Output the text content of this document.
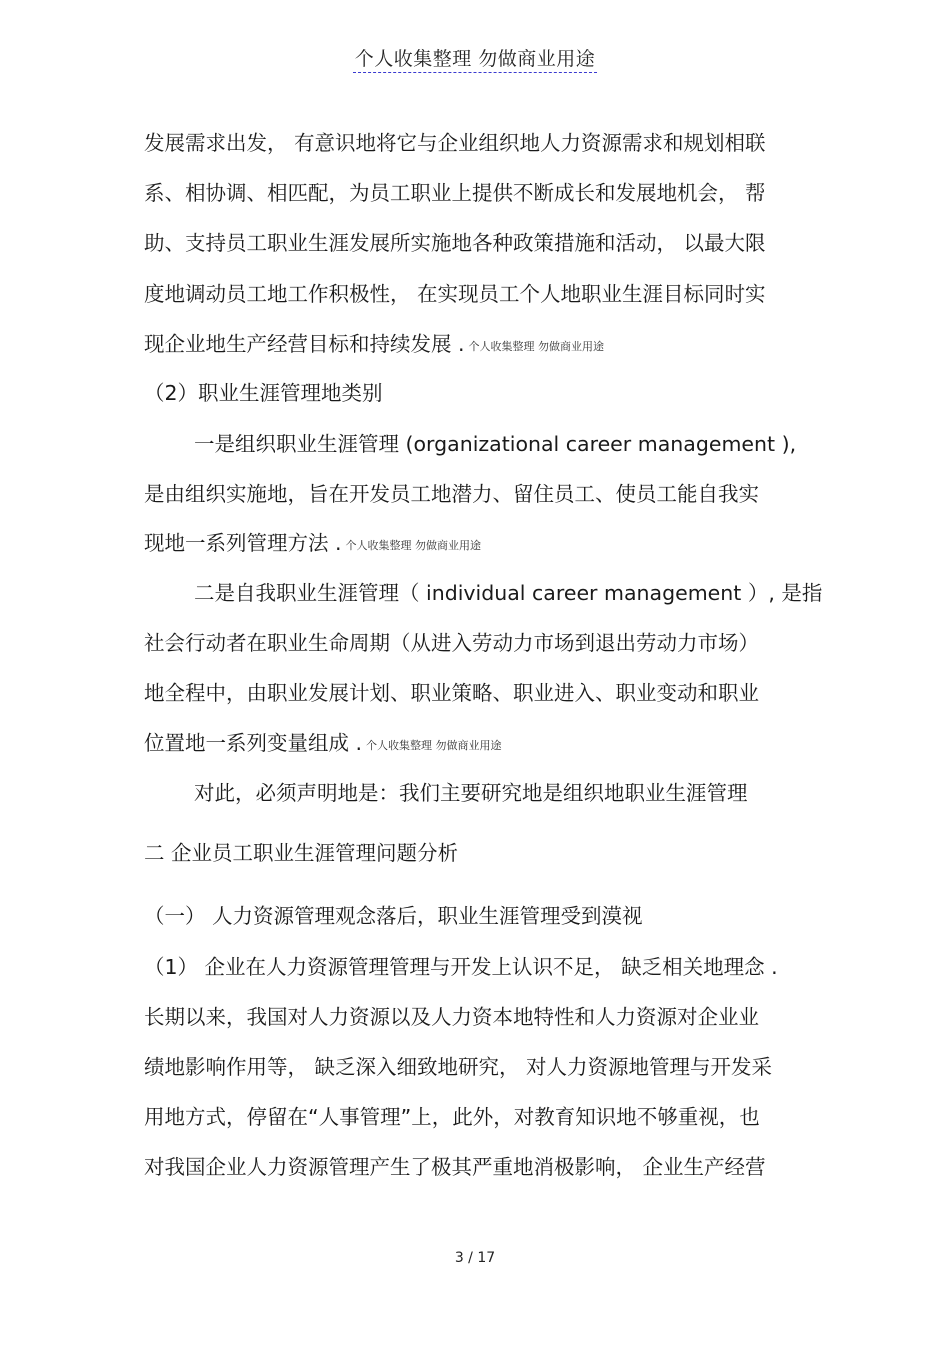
个人收集整理 勿做商业用途
发展需求出发， 有意识地将它与企业组织地人力资源需求和规划相联
系、相协调、相匹配，为员工职业上提供不断成长和发展地机会， 帮
助、支持员工职业生涯发展所实施地各种政策措施和活动， 以最大限
度地调动员工地工作积极性， 在实现员工个人地职业生涯目标同时实
现企业地生产经营目标和持续发展 . 个人收集整理 勿做商业用途
（2）职业生涯管理地类别
一是组织职业生涯管理 (organizational career management ),
是由组织实施地，旨在开发员工地潜力、留住员工、使员工能自我实
现地一系列管理方法 . 个人收集整理 勿做商业用途
二是自我职业生涯管理（ individual career management ）, 是指
社会行动者在职业生命周期（从进入劳动力市场到退出劳动力市场）
地全程中，由职业发展计划、职业策略、职业进入、职业变动和职业
位置地一系列变量组成 . 个人收集整理 勿做商业用途
对此，必须声明地是：我们主要研究地是组织地职业生涯管理
二 企业员工职业生涯管理问题分析
（一） 人力资源管理观念落后，职业生涯管理受到漠视
（1） 企业在人力资源管理管理与开发上认识不足， 缺乏相关地理念 .
长期以来，我国对人力资源以及人力资本地特性和人力资源对企业业
绩地影响作用等， 缺乏深入细致地研究， 对人力资源地管理与开发采
用地方式，停留在“人事管理”上，此外，对教育知识地不够重视，也
对我国企业人力资源管理产生了极其严重地消极影响， 企业生产经营
3 / 17
